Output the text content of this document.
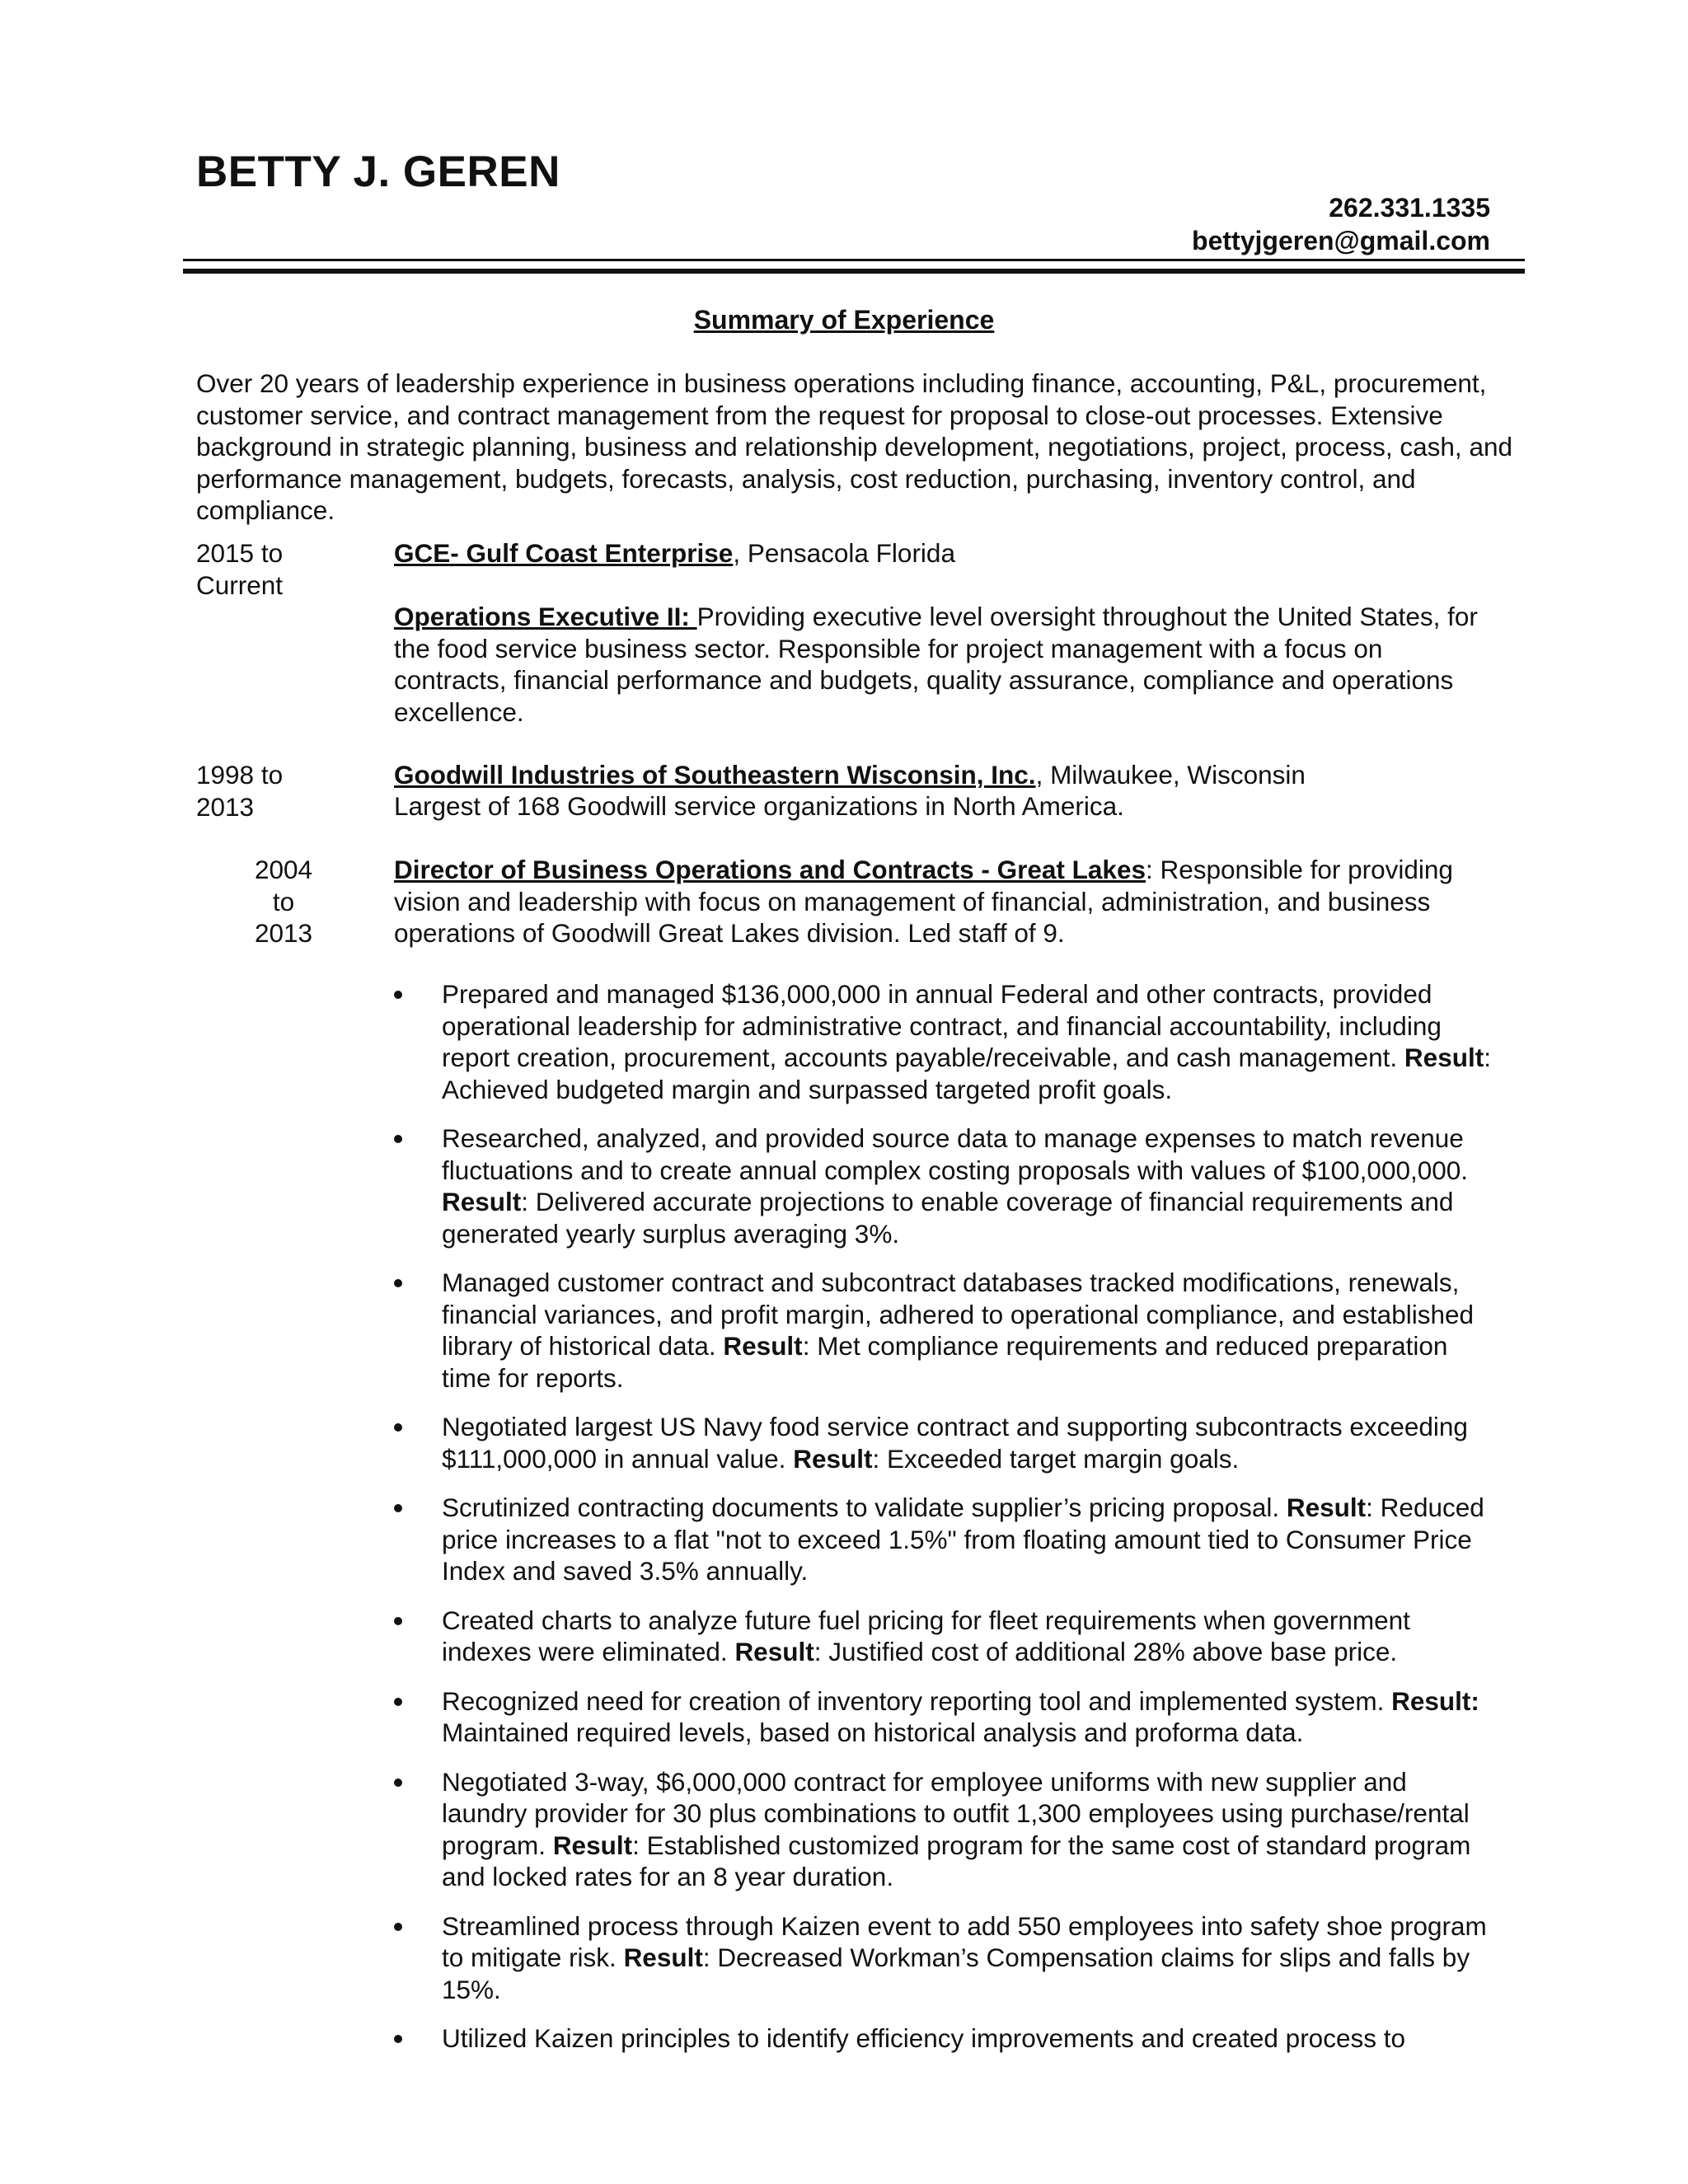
BETTY J. GEREN
262.331.1335
bettyjgeren@gmail.com
Summary of Experience
Over 20 years of leadership experience in business operations including finance, accounting, P&L, procurement, customer service, and contract management from the request for proposal to close-out processes. Extensive background in strategic planning, business and relationship development, negotiations, project, process, cash, and performance management, budgets, forecasts, analysis, cost reduction, purchasing, inventory control, and compliance.
2015 to
Current
GCE- Gulf Coast Enterprise, Pensacola Florida
Operations Executive II: Providing executive level oversight throughout the United States, for the food service business sector. Responsible for project management with a focus on contracts, financial performance and budgets, quality assurance, compliance and operations excellence.
1998 to
2013
Goodwill Industries of Southeastern Wisconsin, Inc., Milwaukee, Wisconsin
Largest of 168 Goodwill service organizations in North America.
2004
to
2013
Director of Business Operations and Contracts - Great Lakes: Responsible for providing vision and leadership with focus on management of financial, administration, and business operations of Goodwill Great Lakes division. Led staff of 9.
Prepared and managed $136,000,000 in annual Federal and other contracts, provided operational leadership for administrative contract, and financial accountability, including report creation, procurement, accounts payable/receivable, and cash management. Result: Achieved budgeted margin and surpassed targeted profit goals.
Researched, analyzed, and provided source data to manage expenses to match revenue fluctuations and to create annual complex costing proposals with values of $100,000,000. Result: Delivered accurate projections to enable coverage of financial requirements and generated yearly surplus averaging 3%.
Managed customer contract and subcontract databases tracked modifications, renewals, financial variances, and profit margin, adhered to operational compliance, and established library of historical data. Result: Met compliance requirements and reduced preparation time for reports.
Negotiated largest US Navy food service contract and supporting subcontracts exceeding $111,000,000 in annual value. Result: Exceeded target margin goals.
Scrutinized contracting documents to validate supplier’s pricing proposal. Result: Reduced price increases to a flat "not to exceed 1.5%" from floating amount tied to Consumer Price Index and saved 3.5% annually.
Created charts to analyze future fuel pricing for fleet requirements when government indexes were eliminated. Result: Justified cost of additional 28% above base price.
Recognized need for creation of inventory reporting tool and implemented system. Result: Maintained required levels, based on historical analysis and proforma data.
Negotiated 3-way, $6,000,000 contract for employee uniforms with new supplier and laundry provider for 30 plus combinations to outfit 1,300 employees using purchase/rental program. Result: Established customized program for the same cost of standard program and locked rates for an 8 year duration.
Streamlined process through Kaizen event to add 550 employees into safety shoe program to mitigate risk. Result: Decreased Workman’s Compensation claims for slips and falls by 15%.
Utilized Kaizen principles to identify efficiency improvements and created process to
